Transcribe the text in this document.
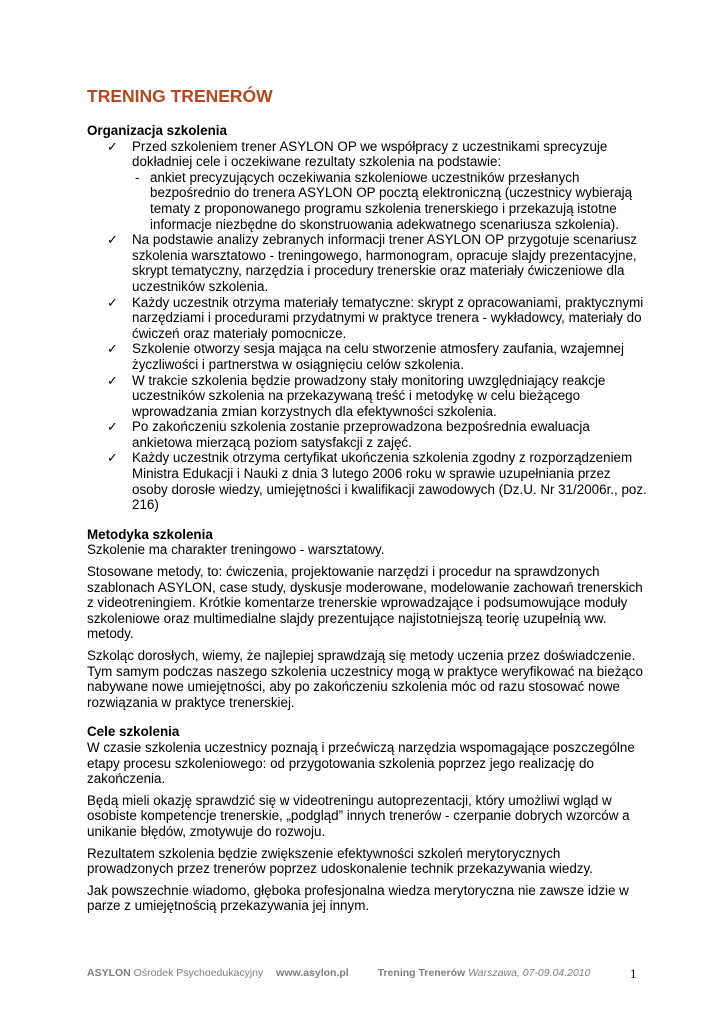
TRENING TRENERÓW

Organizacja szkolenia

✓ Przed szkoleniem trener ASYLON OP we współpracy z uczestnikami sprecyzuje dokładniej cele i oczekiwane rezultaty szkolenia na podstawie:
- ankiet precyzujących oczekiwania szkoleniowe uczestników przesłanych bezpośrednio do trenera ASYLON OP pocztą elektroniczną (uczestnicy wybierają tematy z proponowanego programu szkolenia trenerskiego i przekazują istotne informacje niezbędne do skonstruowania adekwatnego scenariusza szkolenia).
✓ Na podstawie analizy zebranych informacji trener ASYLON OP przygotuje scenariusz szkolenia warsztatowo - treningowego, harmonogram, opracuje slajdy prezentacyjne, skrypt tematyczny, narzędzia i procedury trenerskie oraz materiały ćwiczeniowe dla uczestników szkolenia.
✓ Każdy uczestnik otrzyma materiały tematyczne: skrypt z opracowaniami, praktycznymi narzędziami i procedurami przydatnymi w praktyce trenera - wykładowcy, materiały do ćwiczeń oraz materiały pomocnicze.
✓ Szkolenie otworzy sesja mająca na celu stworzenie atmosfery zaufania, wzajemnej życzliwości i partnerstwa w osiągnięciu celów szkolenia.
✓ W trakcie szkolenia będzie prowadzony stały monitoring uwzględniający reakcje uczestników szkolenia na przekazywaną treść i metodykę w celu bieżącego wprowadzania zmian korzystnych dla efektywności szkolenia.
✓ Po zakończeniu szkolenia zostanie przeprowadzona bezpośrednia ewaluacja ankietowa mierzącą poziom satysfakcji z zajęć.
✓ Każdy uczestnik otrzyma certyfikat ukończenia szkolenia zgodny z rozporządzeniem Ministra Edukacji i Nauki z dnia 3 lutego 2006 roku w sprawie uzupełniania przez osoby dorosłe wiedzy, umiejętności i kwalifikacji zawodowych (Dz.U. Nr 31/2006r., poz. 216)

Metodyka szkolenia

Szkolenie ma charakter treningowo - warsztatowy.

Stosowane metody, to: ćwiczenia, projektowanie narzędzi i procedur na sprawdzonych szablonach ASYLON, case study, dyskusje moderowane, modelowanie zachowań trenerskich z videotreningiem. Krótkie komentarze trenerskie wprowadzające i podsumowujące moduły szkoleniowe oraz multimedialne slajdy prezentujące najistotniejszą teorię uzupełnią ww. metody.

Szkoląc dorosłych, wiemy, że najlepiej sprawdzają się metody uczenia przez doświadczenie. Tym samym podczas naszego szkolenia uczestnicy mogą w praktyce weryfikować na bieżąco nabywane nowe umiejętności, aby po zakończeniu szkolenia móc od razu stosować nowe rozwiązania w praktyce trenerskiej.

Cele szkolenia

W czasie szkolenia uczestnicy poznają i przećwiczą narzędzia wspomagające poszczególne etapy procesu szkoleniowego: od przygotowania szkolenia poprzez jego realizację do zakończenia.

Będą mieli okazję sprawdzić się w videotreningu autoprezentacji, który umożliwi wgląd w osobiste kompetencje trenerskie, „podgląd” innych trenerów - czerpanie dobrych wzorców a unikanie błędów, zmotywuje do rozwoju.

Rezultatem szkolenia będzie zwiększenie efektywności szkoleń merytorycznych prowadzonych przez trenerów poprzez udoskonalenie technik przekazywania wiedzy.

Jak powszechnie wiadomo, głęboka profesjonalna wiedza merytoryczna nie zawsze idzie w parze z umiejętnością przekazywania jej innym.

ASYLON Ośrodek Psychoedukacyjny www.asylon.pl	Trening Trenerów Warszawa, 07-09.04.2010	1
